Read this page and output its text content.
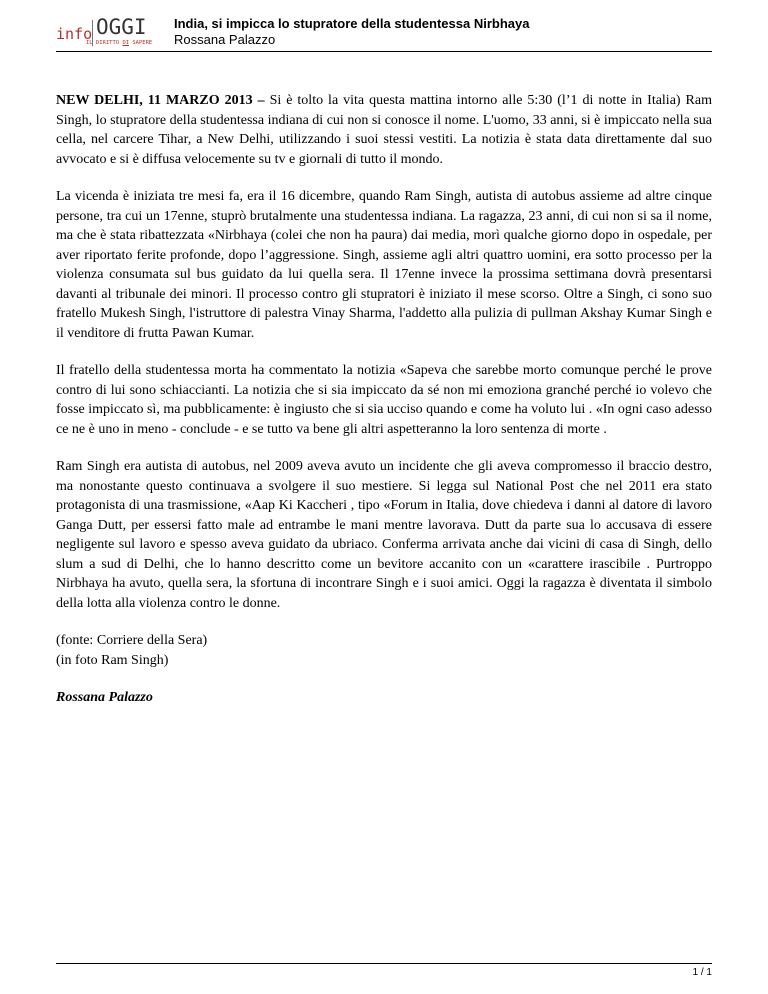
info OGGI
IL DIRITTO DI SAPERE
India, si impicca lo stupratore della studentessa Nirbhaya
Rossana Palazzo

NEW DELHI, 11 MARZO 2013 – Si è tolto la vita questa mattina intorno alle 5:30 (l’1 di notte in Italia) Ram Singh, lo stupratore della studentessa indiana di cui non si conosce il nome. L'uomo, 33 anni, si è impiccato nella sua cella, nel carcere Tihar, a New Delhi, utilizzando i suoi stessi vestiti. La notizia è stata data direttamente dal suo avvocato e si è diffusa velocemente su tv e giornali di tutto il mondo.

La vicenda è iniziata tre mesi fa, era il 16 dicembre, quando Ram Singh, autista di autobus assieme ad altre cinque persone, tra cui un 17enne, stuprò brutalmente una studentessa indiana. La ragazza, 23 anni, di cui non si sa il nome, ma che è stata ribattezzata «Nirbhaya (colei che non ha paura) dai media, morì qualche giorno dopo in ospedale, per aver riportato ferite profonde, dopo l’aggressione. Singh, assieme agli altri quattro uomini, era sotto processo per la violenza consumata sul bus guidato da lui quella sera. Il 17enne invece la prossima settimana dovrà presentarsi davanti al tribunale dei minori. Il processo contro gli stupratori è iniziato il mese scorso. Oltre a Singh, ci sono suo fratello Mukesh Singh, l'istruttore di palestra Vinay Sharma, l'addetto alla pulizia di pullman Akshay Kumar Singh e il venditore di frutta Pawan Kumar.

Il fratello della studentessa morta ha commentato la notizia «Sapeva che sarebbe morto comunque perché le prove contro di lui sono schiaccianti. La notizia che si sia impiccato da sé non mi emoziona granché perché io volevo che fosse impiccato sì, ma pubblicamente: è ingiusto che si sia ucciso quando e come ha voluto lui . «In ogni caso adesso ce ne è uno in meno - conclude - e se tutto va bene gli altri aspetteranno la loro sentenza di morte .

Ram Singh era autista di autobus, nel 2009 aveva avuto un incidente che gli aveva compromesso il braccio destro, ma nonostante questo continuava a svolgere il suo mestiere. Si legga sul National Post che nel 2011 era stato protagonista di una trasmissione, «Aap Ki Kaccheri , tipo «Forum in Italia, dove chiedeva i danni al datore di lavoro Ganga Dutt, per essersi fatto male ad entrambe le mani mentre lavorava. Dutt da parte sua lo accusava di essere negligente sul lavoro e spesso aveva guidato da ubriaco. Conferma arrivata anche dai vicini di casa di Singh, dello slum a sud di Delhi, che lo hanno descritto come un bevitore accanito con un «carattere irascibile . Purtroppo Nirbhaya ha avuto, quella sera, la sfortuna di incontrare Singh e i suoi amici. Oggi la ragazza è diventata il simbolo della lotta alla violenza contro le donne.

(fonte: Corriere della Sera)

(in foto Ram Singh)

Rossana Palazzo

1 / 1
